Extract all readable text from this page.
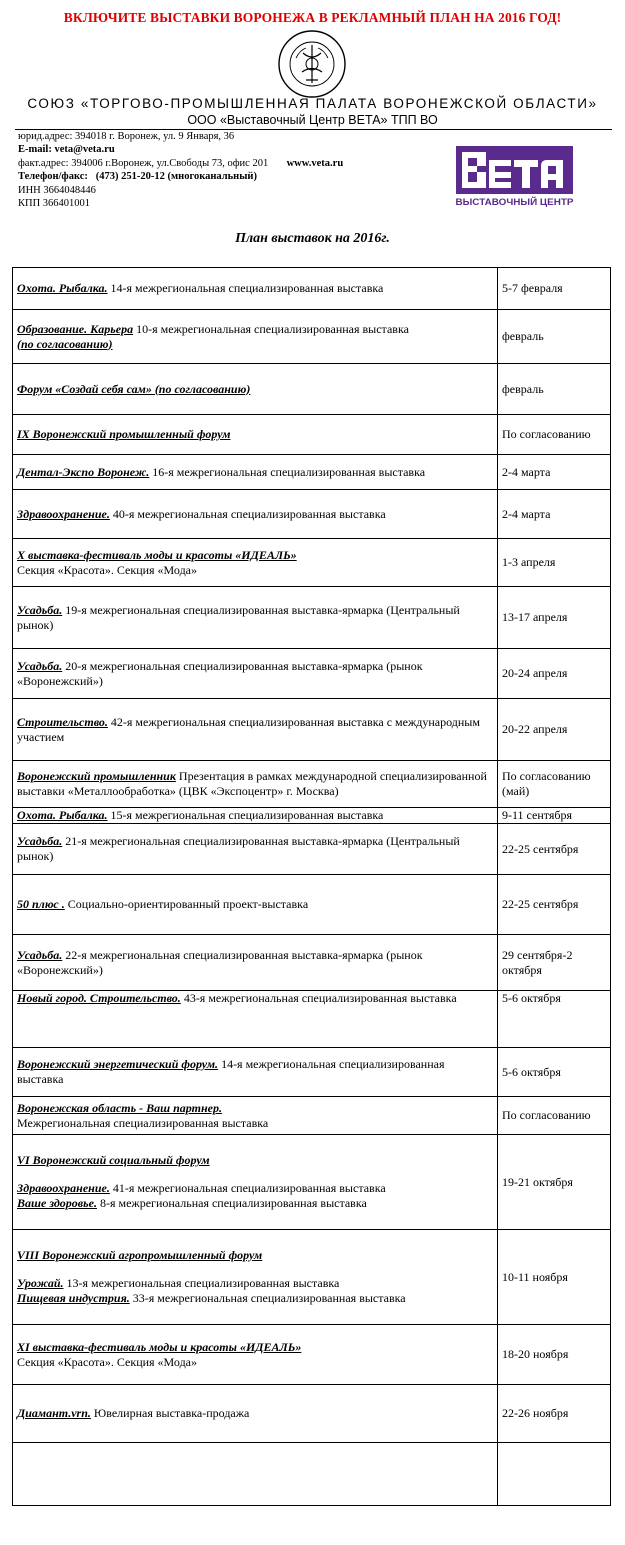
ВКЛЮЧИТЕ ВЫСТАВКИ ВОРОНЕЖА В РЕКЛАМНЫЙ ПЛАН НА 2016 ГОД!
СОЮЗ «ТОРГОВО-ПРОМЫШЛЕННАЯ ПАЛАТА ВОРОНЕЖСКОЙ ОБЛАСТИ»
ООО «Выставочный Центр ВЕТА» ТПП ВО
юрид.адрес: 394018 г. Воронеж, ул. 9 Января, 36
E-mail: veta@veta.ru
факт.адрес: 394006 г.Воронеж, ул.Свободы 73, офис 201 www.veta.ru
Телефон/факс: (473) 251-20-12 (многоканальный)
ИНН 3664048446
КПП 366401001	ВЫСТАВОЧНЫЙ ЦЕНТР
План выставок на 2016г.
Охота. Рыбалка. 14-я межрегиональная специализированная выставка	5-7 февраля
Образование. Карьера 10-я межрегиональная специализированная выставка

(по согласованию)	февраль
Форум «Создай себя сам» (по согласованию)	февраль
IX Воронежский промышленный форум	По согласованию
Дентал-Экспо Воронеж. 16-я межрегиональная специализированная выставка	2-4 марта
Здравоохранение. 40-я межрегиональная специализированная выставка	2-4 марта
X выставка-фестиваль моды и красоты «ИДЕАЛЬ»

Секция «Красота». Секция «Мода»	1-3 апреля
Усадьба. 19-я межрегиональная специализированная выставка-ярмарка (Центральный рынок)	13-17 апреля
Усадьба. 20-я межрегиональная специализированная выставка-ярмарка (рынок «Воронежский»)	20-24 апреля
Строительство. 42-я межрегиональная специализированная выставка с международным участием	20-22 апреля
Воронежский промышленник Презентация в рамках международной специализированной выставки «Металлообработка» (ЦВК «Экспоцентр» г. Москва)	По согласованию (май)
Охота. Рыбалка. 15-я межрегиональная специализированная выставка	9-11 сентября
Усадьба. 21-я межрегиональная специализированная выставка-ярмарка (Центральный рынок)	22-25 сентября
50 плюс . Социально-ориентированный проект-выставка	22-25 сентября
Усадьба. 22-я межрегиональная специализированная выставка-ярмарка (рынок «Воронежский»)	29 сентября-2 октября
Новый город. Строительство. 43-я межрегиональная специализированная выставка	5-6 октября
Воронежский энергетический форум. 14-я межрегиональная специализированная выставка	5-6 октября
Воронежская область - Ваш партнер.

Межрегиональная специализированная выставка	По согласованию
VI Воронежский социальный форум
Здравоохранение. 41-я межрегиональная специализированная выставка
Ваше здоровье. 8-я межрегиональная специализированная выставка	19-21 октября
VIII Воронежский агропромышленный форум
Урожай. 13-я межрегиональная специализированная выставка
Пищевая индустрия. 33-я межрегиональная специализированная выставка	10-11 ноября
XI выставка-фестиваль моды и красоты «ИДЕАЛЬ»

Секция «Красота». Секция «Мода»	18-20 ноября
Диамант.vrn. Ювелирная выставка-продажа	22-26 ноября
